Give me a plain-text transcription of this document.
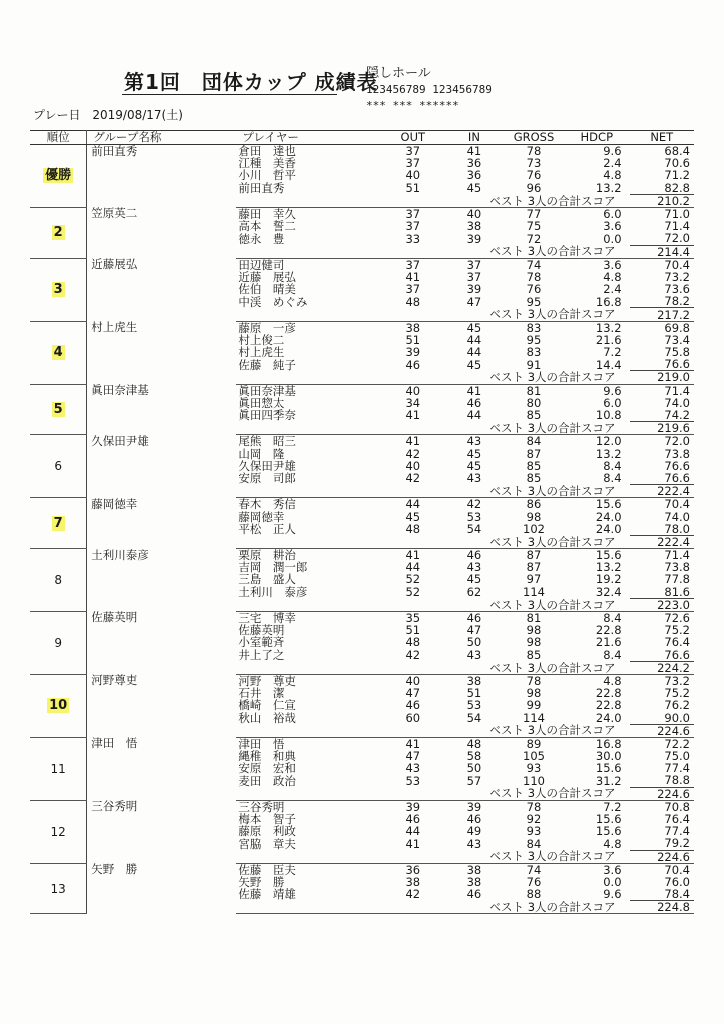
第1回　団体カップ 成績表
隠しホール
123456789 123456789
*** *** ******
プレー日 2019/08/17(土)
順位	グループ名称	プレイヤー	OUT	IN	GROSS	HDCP	NET
優勝	前田直秀	倉田　達也	37	41	78	9.6	68.4
		江種　美香	37	36	73	2.4	70.6
		小川　哲平	40	36	76	4.8	71.2
		前田直秀	51	45	96	13.2	82.8
		ベスト 3人の合計スコア					210.2
2	笠原英二	藤田　幸久	37	40	77	6.0	71.0
		高本　誓二	37	38	75	3.6	71.4
		徳永　豊	33	39	72	0.0	72.0
		ベスト 3人の合計スコア					214.4
3	近藤展弘	田辺健司	37	37	74	3.6	70.4
		近藤　展弘	41	37	78	4.8	73.2
		佐伯　晴美	37	39	76	2.4	73.6
		中渓　めぐみ	48	47	95	16.8	78.2
		ベスト 3人の合計スコア					217.2
4	村上虎生	藤原　一彦	38	45	83	13.2	69.8
		村上俊二	51	44	95	21.6	73.4
		村上虎生	39	44	83	7.2	75.8
		佐藤　純子	46	45	91	14.4	76.6
		ベスト 3人の合計スコア					219.0
5	眞田奈津基	眞田奈津基	40	41	81	9.6	71.4
		眞田惣太	34	46	80	6.0	74.0
		眞田四季奈	41	44	85	10.8	74.2
		ベスト 3人の合計スコア					219.6
6	久保田尹雄	尾熊　昭三	41	43	84	12.0	72.0
		山岡　隆	42	45	87	13.2	73.8
		久保田尹雄	40	45	85	8.4	76.6
		安原　司郎	42	43	85	8.4	76.6
		ベスト 3人の合計スコア					222.4
7	藤岡徳幸	春木　秀信	44	42	86	15.6	70.4
		藤岡徳幸	45	53	98	24.0	74.0
		平松　正人	48	54	102	24.0	78.0
		ベスト 3人の合計スコア					222.4
8	土利川泰彦	栗原　耕治	41	46	87	15.6	71.4
		吉岡　潤一郎	44	43	87	13.2	73.8
		三島　盛人	52	45	97	19.2	77.8
		土利川　泰彦	52	62	114	32.4	81.6
		ベスト 3人の合計スコア					223.0
9	佐藤英明	三宅　博幸	35	46	81	8.4	72.6
		佐藤英明	51	47	98	22.8	75.2
		小室範斉	48	50	98	21.6	76.4
		井上了之	42	43	85	8.4	76.6
		ベスト 3人の合計スコア					224.2
10	河野尊吏	河野　尊吏	40	38	78	4.8	73.2
		石井　潔	47	51	98	22.8	75.2
		橋崎　仁宣	46	53	99	22.8	76.2
		秋山　裕哉	60	54	114	24.0	90.0
		ベスト 3人の合計スコア					224.6
11	津田　悟	津田　悟	41	48	89	16.8	72.2
		縄稚　和典	47	58	105	30.0	75.0
		安原　宏和	43	50	93	15.6	77.4
		麦田　政治	53	57	110	31.2	78.8
		ベスト 3人の合計スコア					224.6
12	三谷秀明	三谷秀明	39	39	78	7.2	70.8
		梅本　智子	46	46	92	15.6	76.4
		藤原　利政	44	49	93	15.6	77.4
		宮脇　章夫	41	43	84	4.8	79.2
		ベスト 3人の合計スコア					224.6
13	矢野　勝	佐藤　臣夫	36	38	74	3.6	70.4
		矢野　勝	38	38	76	0.0	76.0
		佐藤　靖雄	42	46	88	9.6	78.4
		ベスト 3人の合計スコア					224.8
